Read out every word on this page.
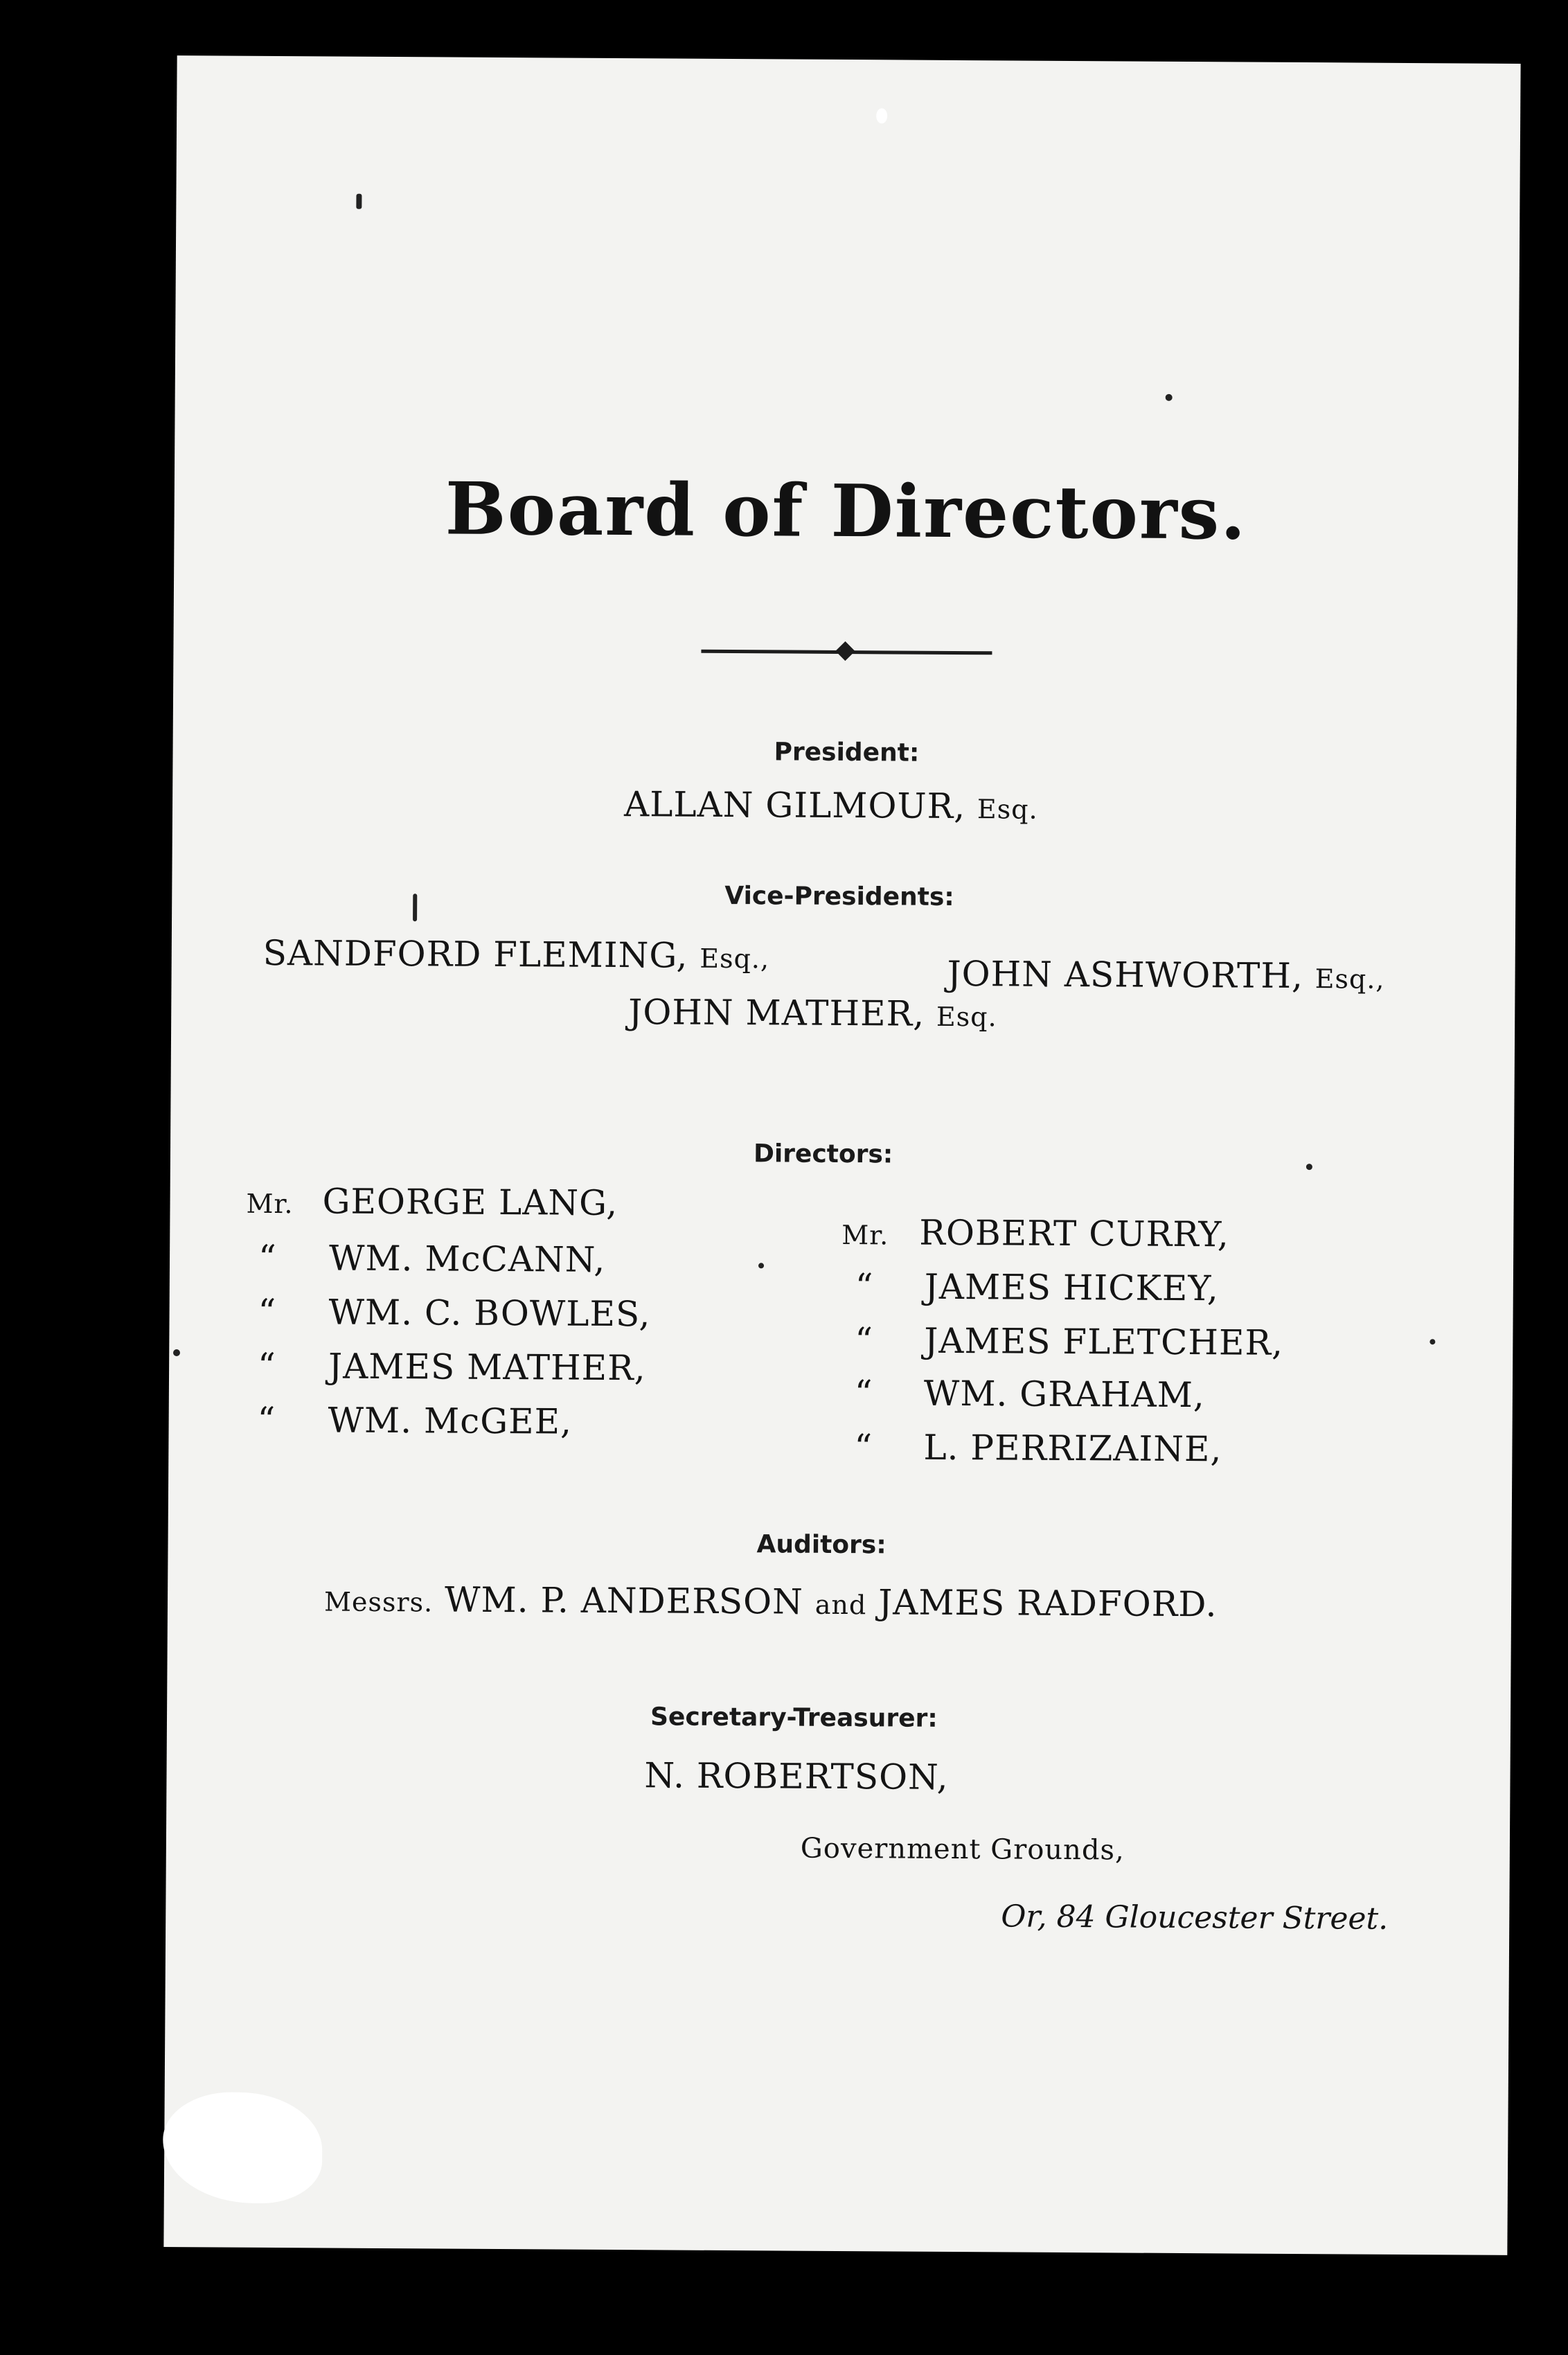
Board of Directors.
President:
ALLAN GILMOUR, Esq.
Vice-Presidents:
SANDFORD FLEMING, Esq.,	JOHN ASHWORTH, Esq.,
JOHN MATHER, Esq.
Directors:
Mr. GEORGE LANG,
“ WM. McCANN,
“ WM. C. BOWLES,
“ JAMES MATHER,
“ WM. McGEE,
Mr. ROBERT CURRY,
“ JAMES HICKEY,
“ JAMES FLETCHER,
“ WM. GRAHAM,
“ L. PERRIZAINE,
Auditors:
Messrs. WM. P. ANDERSON and JAMES RADFORD.
Secretary-Treasurer:
N. ROBERTSON,
Government Grounds,
Or, 84 Gloucester Street.
